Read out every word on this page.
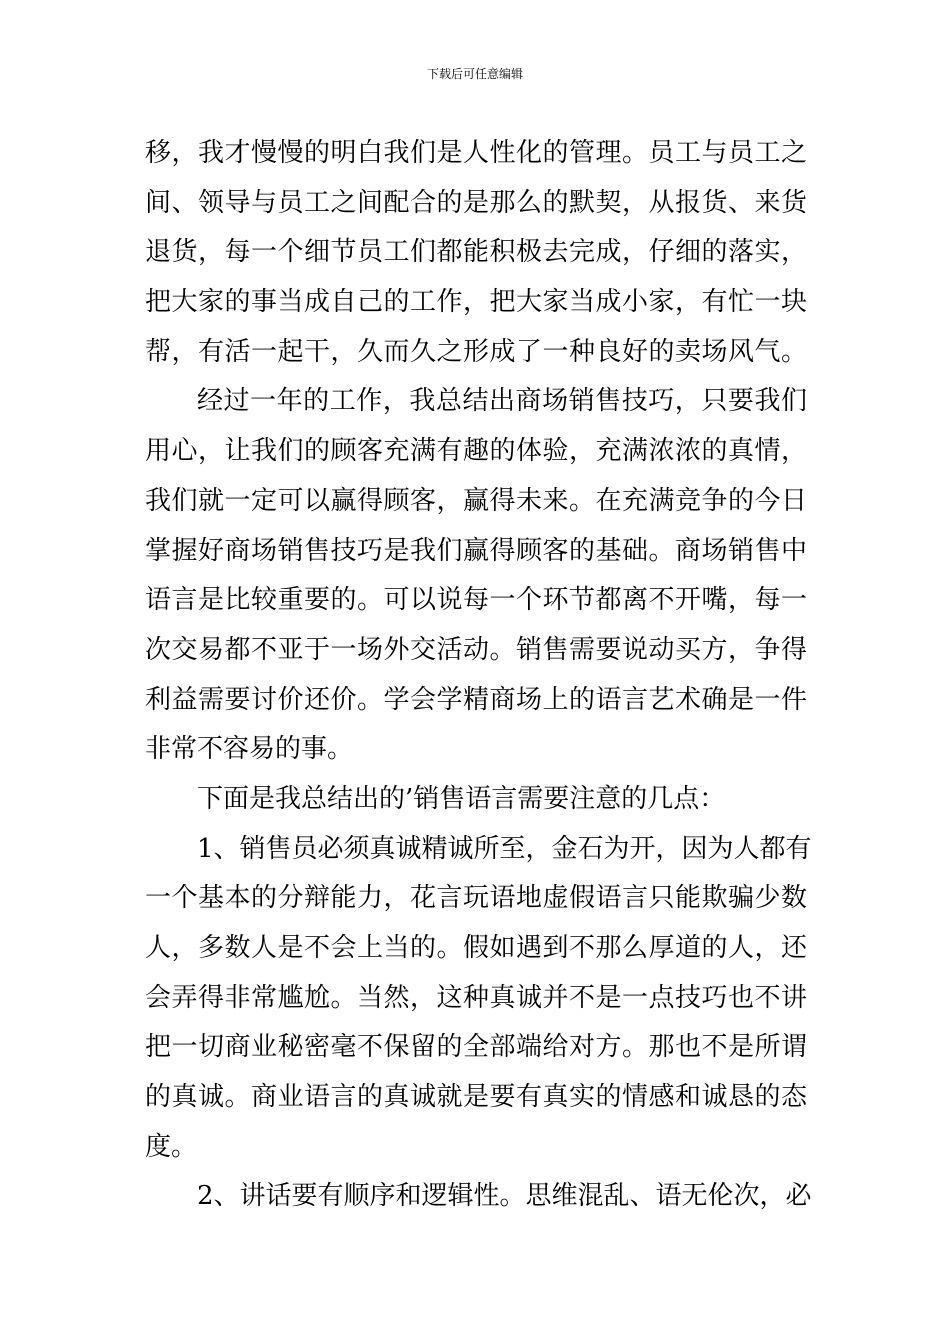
下载后可任意编辑
移，我才慢慢的明白我们是人性化的管理。员工与员工之
间、领导与员工之间配合的是那么的默契，从报货、来货
退货，每一个细节员工们都能积极去完成，仔细的落实，
把大家的事当成自己的工作，把大家当成小家，有忙一块
帮，有活一起干，久而久之形成了一种良好的卖场风气。
经过一年的工作，我总结出商场销售技巧，只要我们
用心，让我们的顾客充满有趣的体验，充满浓浓的真情，
我们就一定可以赢得顾客，赢得未来。在充满竞争的今日
掌握好商场销售技巧是我们赢得顾客的基础。商场销售中
语言是比较重要的。可以说每一个环节都离不开嘴，每一
次交易都不亚于一场外交活动。销售需要说动买方，争得
利益需要讨价还价。学会学精商场上的语言艺术确是一件
非常不容易的事。
下面是我总结出的’销售语言需要注意的几点：
1、销售员必须真诚精诚所至，金石为开，因为人都有
一个基本的分辩能力，花言玩语地虚假语言只能欺骗少数
人，多数人是不会上当的。假如遇到不那么厚道的人，还
会弄得非常尴尬。当然，这种真诚并不是一点技巧也不讲
把一切商业秘密毫不保留的全部端给对方。那也不是所谓
的真诚。商业语言的真诚就是要有真实的情感和诚恳的态
度。
2、讲话要有顺序和逻辑性。思维混乱、语无伦次，必
